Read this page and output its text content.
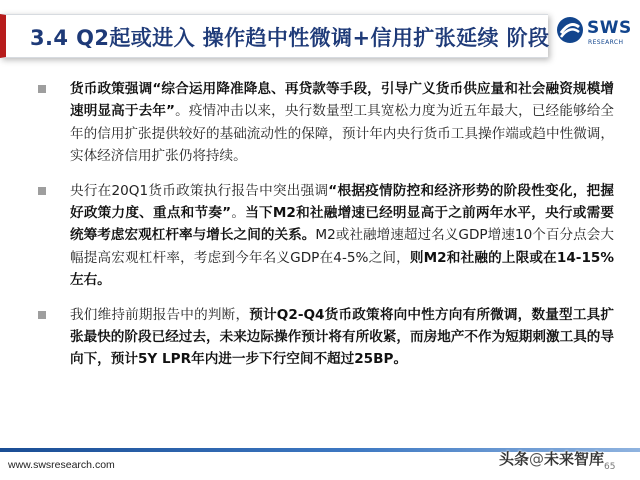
3.4 Q2起或进入 操作趋中性微调+信用扩张延续 阶段 SWS
RESEARCH
货币政策强调“综合运用降准降息、再贷款等手段，引导广义货币供应量和社会融资规模增速明显高于去年”。疫情冲击以来，央行数量型工具宽松力度为近五年最大，已经能够给全年的信用扩张提供较好的基础流动性的保障，预计年内央行货币工具操作端或趋中性微调，实体经济信用扩张仍将持续。
央行在20Q1货币政策执行报告中突出强调“根据疫情防控和经济形势的阶段性变化，把握好政策力度、重点和节奏”。当下M2和社融增速已经明显高于之前两年水平，央行或需要统筹考虑宏观杠杆率与增长之间的关系。M2或社融增速超过名义GDP增速10个百分点会大幅提高宏观杠杆率，考虑到今年名义GDP在4-5%之间，则M2和社融的上限或在14-15%左右。
我们维持前期报告中的判断，预计Q2-Q4货币政策将向中性方向有所微调，数量型工具扩张最快的阶段已经过去，未来边际操作预计将有所收紧，而房地产不作为短期刺激工具的导向下，预计5Y LPR年内进一步下行空间不超过25BP。
www.swsresearch.com	头条@未来智库 65
